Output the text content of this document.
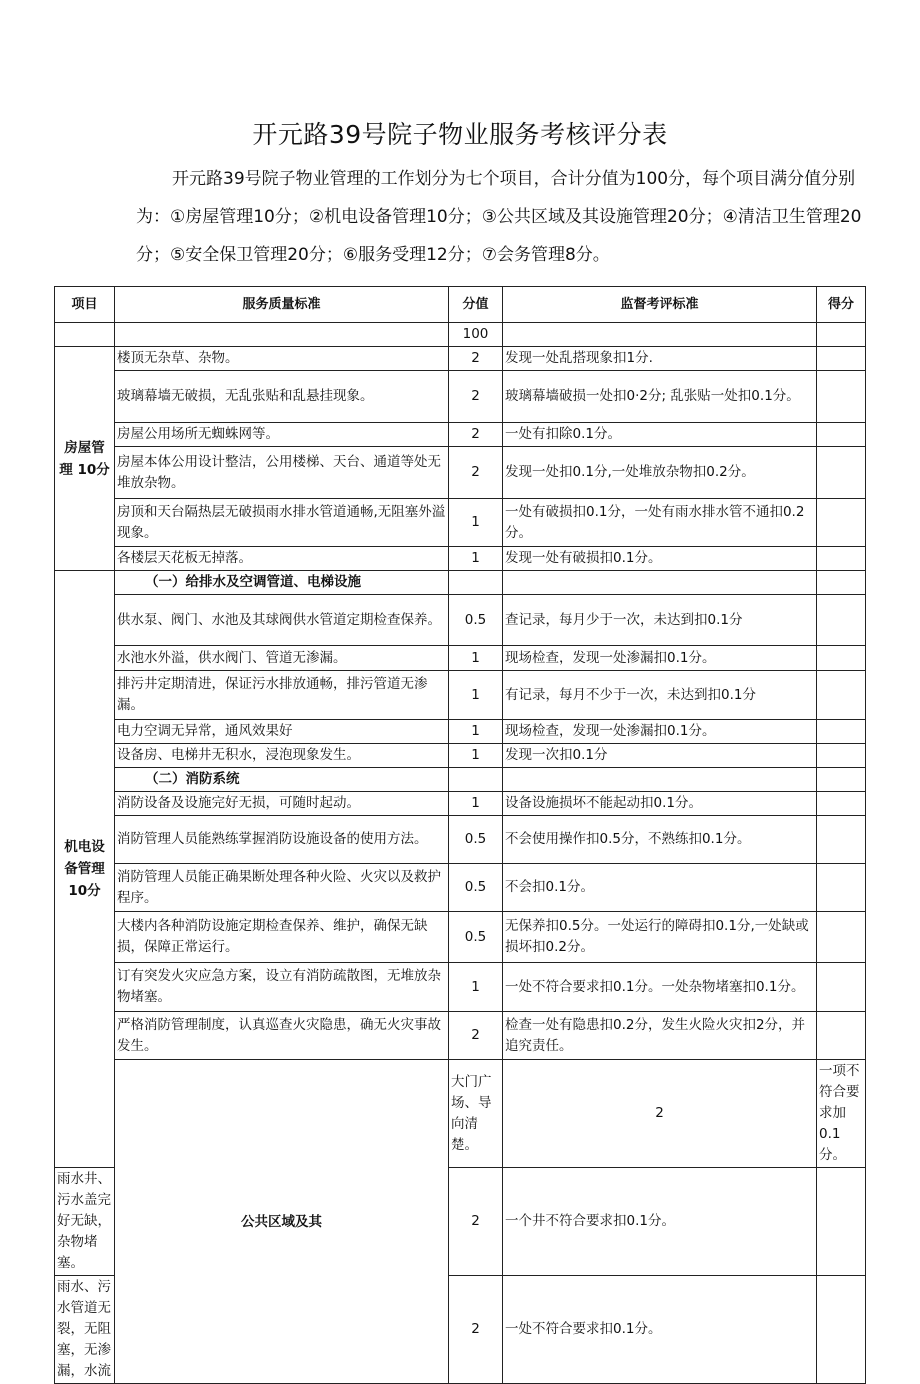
开元路39号院子物业服务考核评分表
开元路39号院子物业管理的工作划分为七个项目，合计分值为100分，每个项目满分值分别为：①房屋管理10分；②机电设备管理10分；③公共区域及其设施管理20分；④清洁卫生管理20分；⑤安全保卫管理20分；⑥服务受理12分；⑦会务管理8分。
项目	服务质量标准	分值	监督考评标准	得分	
		100			
房屋管理 10分	楼顶无杂草、杂物。	2	发现一处乱搭现象扣1分.		
	玻璃幕墙无破损，无乱张贴和乱悬挂现象。	2	玻璃幕墙破损一处扣0·2分; 乱张贴一处扣0.1分。		
	房屋公用场所无蜘蛛网等。	2	一处有扣除0.1分。		
	房屋本体公用设计整洁，公用楼梯、天台、通道等处无堆放杂物。	2	发现一处扣0.1分,一处堆放杂物扣0.2分。		
	房顶和天台隔热层无破损雨水排水管道通畅,无阻塞外溢现象。	1	一处有破损扣0.1分，一处有雨水排水管不通扣0.2分。		
	各楼层天花板无掉落。	1	发现一处有破损扣0.1分。		
机电设备管理10分	（一）给排水及空调管道、电梯设施				
	供水泵、阀门、水池及其球阀供水管道定期检查保养。	0.5	查记录，每月少于一次，未达到扣0.1分		
	水池水外溢，供水阀门、管道无渗漏。	1	现场检查，发现一处渗漏扣0.1分。		
	排污井定期清进，保证污水排放通畅，排污管道无渗漏。	1	有记录，每月不少于一次，未达到扣0.1分		
	电力空调无异常，通风效果好	1	现场检查，发现一处渗漏扣0.1分。		
	设备房、电梯井无积水，浸泡现象发生。	1	发现一次扣0.1分		
	（二）消防系统				
	消防设备及设施完好无损，可随时起动。	1	设备设施损坏不能起动扣0.1分。		
	消防管理人员能熟练掌握消防设施设备的使用方法。	0.5	不会使用操作扣0.5分，不熟练扣0.1分。		
	消防管理人员能正确果断处理各种火险、火灾以及救护程序。	0.5	不会扣0.1分。		
	大楼内各种消防设施定期检查保养、维护，确保无缺损，保障正常运行。	0.5	无保养扣0.5分。一处运行的障碍扣0.1分,一处缺或损坏扣0.2分。		
	订有突发火灾应急方案，设立有消防疏散图，无堆放杂物堵塞。	1	一处不符合要求扣0.1分。一处杂物堵塞扣0.1分。		
	严格消防管理制度，认真巡查火灾隐患，确无火灾事故发生。	2	检查一处有隐患扣0.2分，发生火险火灾扣2分，并追究责任。		
	公共区域及其	大门广场、导向清楚。	2	一项不符合要求加0.1分。	
雨水井、污水盖完好无缺，杂物堵塞。		2	一个井不符合要求扣0.1分。		
雨水、污水管道无裂，无阻塞，无渗漏，水流		2	一处不符合要求扣0.1分。		
